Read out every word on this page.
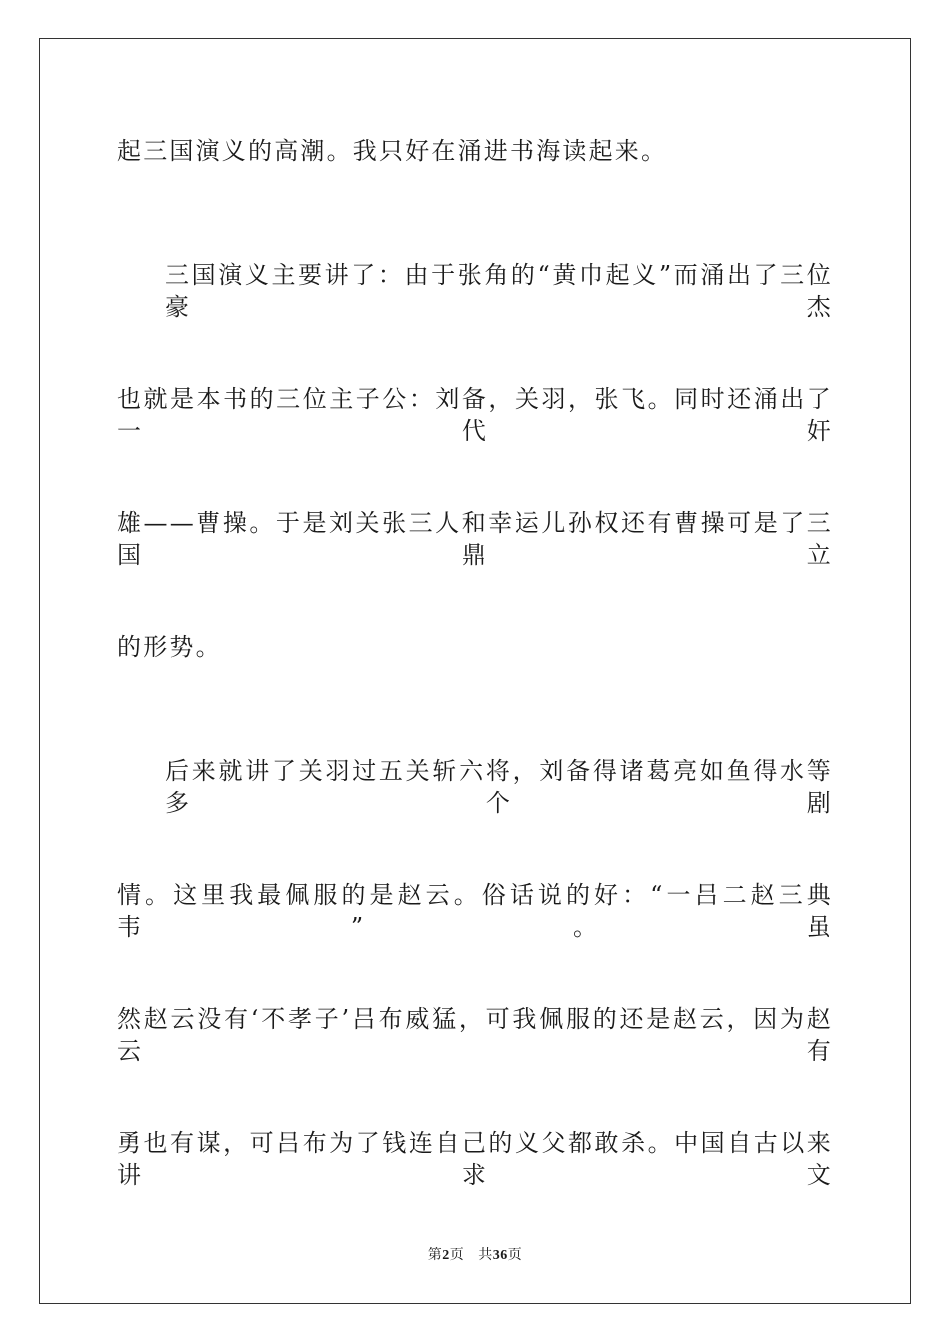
起三国演义的高潮。我只好在涌进书海读起来。
三国演义主要讲了：由于张角的“黄巾起义”而涌出了三位豪杰
也就是本书的三位主子公：刘备，关羽，张飞。同时还涌出了一代奸
雄——曹操。于是刘关张三人和幸运儿孙权还有曹操可是了三国鼎立
的形势。
后来就讲了关羽过五关斩六将，刘备得诸葛亮如鱼得水等多个剧
情。这里我最佩服的是赵云。俗话说的好：“一吕二赵三典韦”。虽
然赵云没有‘不孝子’吕布威猛，可我佩服的还是赵云，因为赵云有
勇也有谋，可吕布为了钱连自己的义父都敢杀。中国自古以来讲求文
第2页 共36页
